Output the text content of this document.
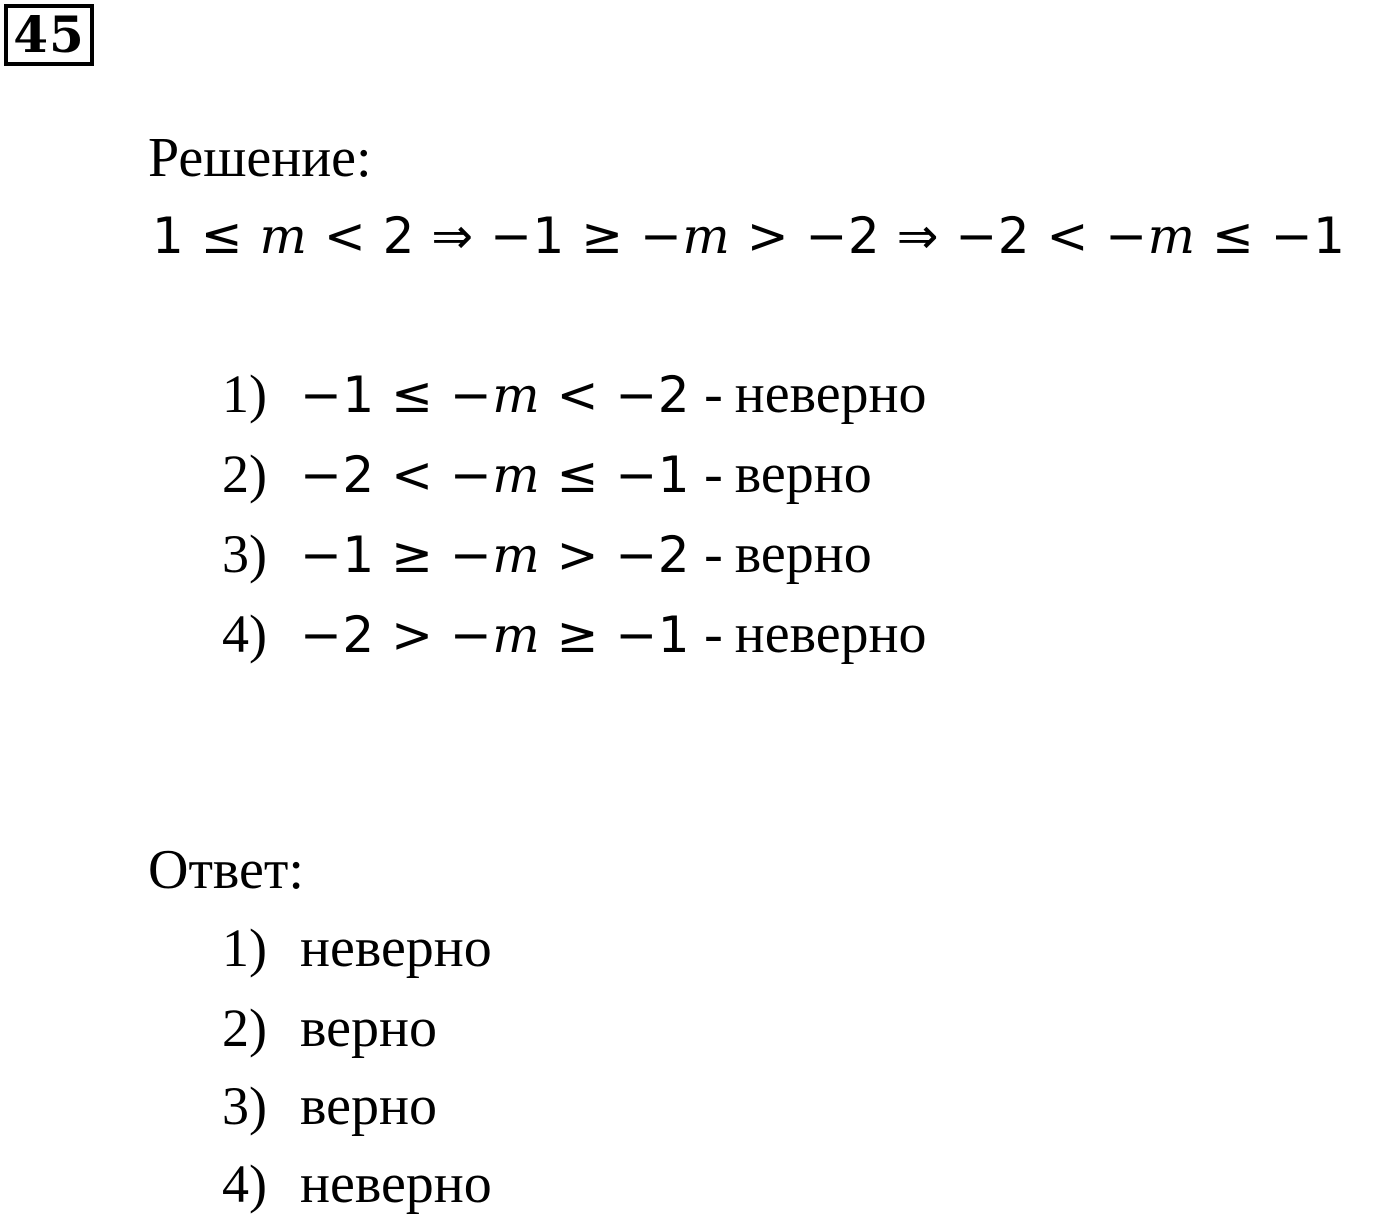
45
Решение:
1 ≤ m < 2 ⇒ −1 ≥ −m > −2 ⇒ −2 < −m ≤ −1
1) −1 ≤ −m < −2 - неверно
2) −2 < −m ≤ −1 - верно
3) −1 ≥ −m > −2 - верно
4) −2 > −m ≥ −1 - неверно
Ответ:
1) неверно
2) верно
3) верно
4) неверно
